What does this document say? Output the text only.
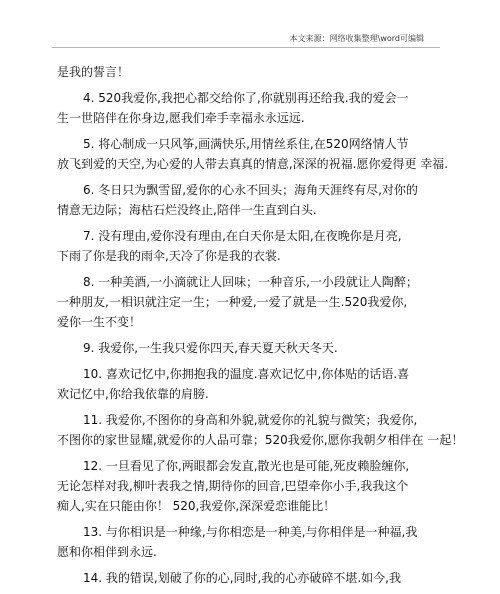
本文来源：网络收集整理\word可编辑
是我的誓言！
4. 520我爱你,我把心都交给你了,你就别再还给我.我的爱会一
生一世陪伴在你身边,愿我们牵手幸福永永远远.
5. 将心制成一只风筝,画满快乐,用情丝系住,在520网络情人节
放飞到爱的天空,为心爱的人带去真真的情意,深深的祝福.愿你爱得更 幸福.
6. 冬日只为飘雪留,爱你的心永不回头；海角天涯终有尽,对你的
情意无边际；海枯石烂没终止,陪伴一生直到白头.
7. 没有理由,爱你没有理由,在白天你是太阳,在夜晚你是月亮,
下雨了你是我的雨伞,天冷了你是我的衣裳.
8. 一种美酒,一小滴就让人回味；一种音乐,一小段就让人陶醉；
一种朋友,一相识就注定一生；一种爱,一爱了就是一生.520我爱你,
爱你一生不变！
9. 我爱你,一生我只爱你四天,春天夏天秋天冬天.
10. 喜欢记忆中,你拥抱我的温度.喜欢记忆中,你体贴的话语.喜
欢记忆中,你给我依靠的肩膀.
11. 我爱你,不图你的身高和外貌,就爱你的礼貌与微笑；我爱你,
不图你的家世显耀,就爱你的人品可靠；520我爱你,愿你我朝夕相伴在 一起！
12. 一旦看见了你,两眼都会发直,散光也是可能,死皮赖脸缠你,
无论怎样对我,柳叶表我之情,期待你的回音,巴望牵你小手,我我这个
痴人,实在只能由你！ 520,我爱你,深深爱恋谁能比！
13. 与你相识是一种缘,与你相恋是一种美,与你相伴是一种福,我
愿和你相伴到永远.
14. 我的错误,划破了你的心,同时,我的心亦破碎不堪.如今,我
